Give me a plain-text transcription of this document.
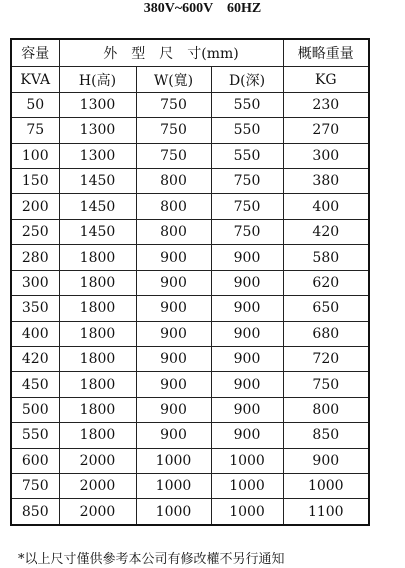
380V~600V　60HZ
容量	外　型　尺　寸(mm)			概略重量
KVA	H(高)	W(寬)	D(深)	KG
50	1300	750	550	230
75	1300	750	550	270
100	1300	750	550	300
150	1450	800	750	380
200	1450	800	750	400
250	1450	800	750	420
280	1800	900	900	580
300	1800	900	900	620
350	1800	900	900	650
400	1800	900	900	680
420	1800	900	900	720
450	1800	900	900	750
500	1800	900	900	800
550	1800	900	900	850
600	2000	1000	1000	900
750	2000	1000	1000	1000
850	2000	1000	1000	1100
*以上尺寸僅供參考本公司有修改權不另行通知
